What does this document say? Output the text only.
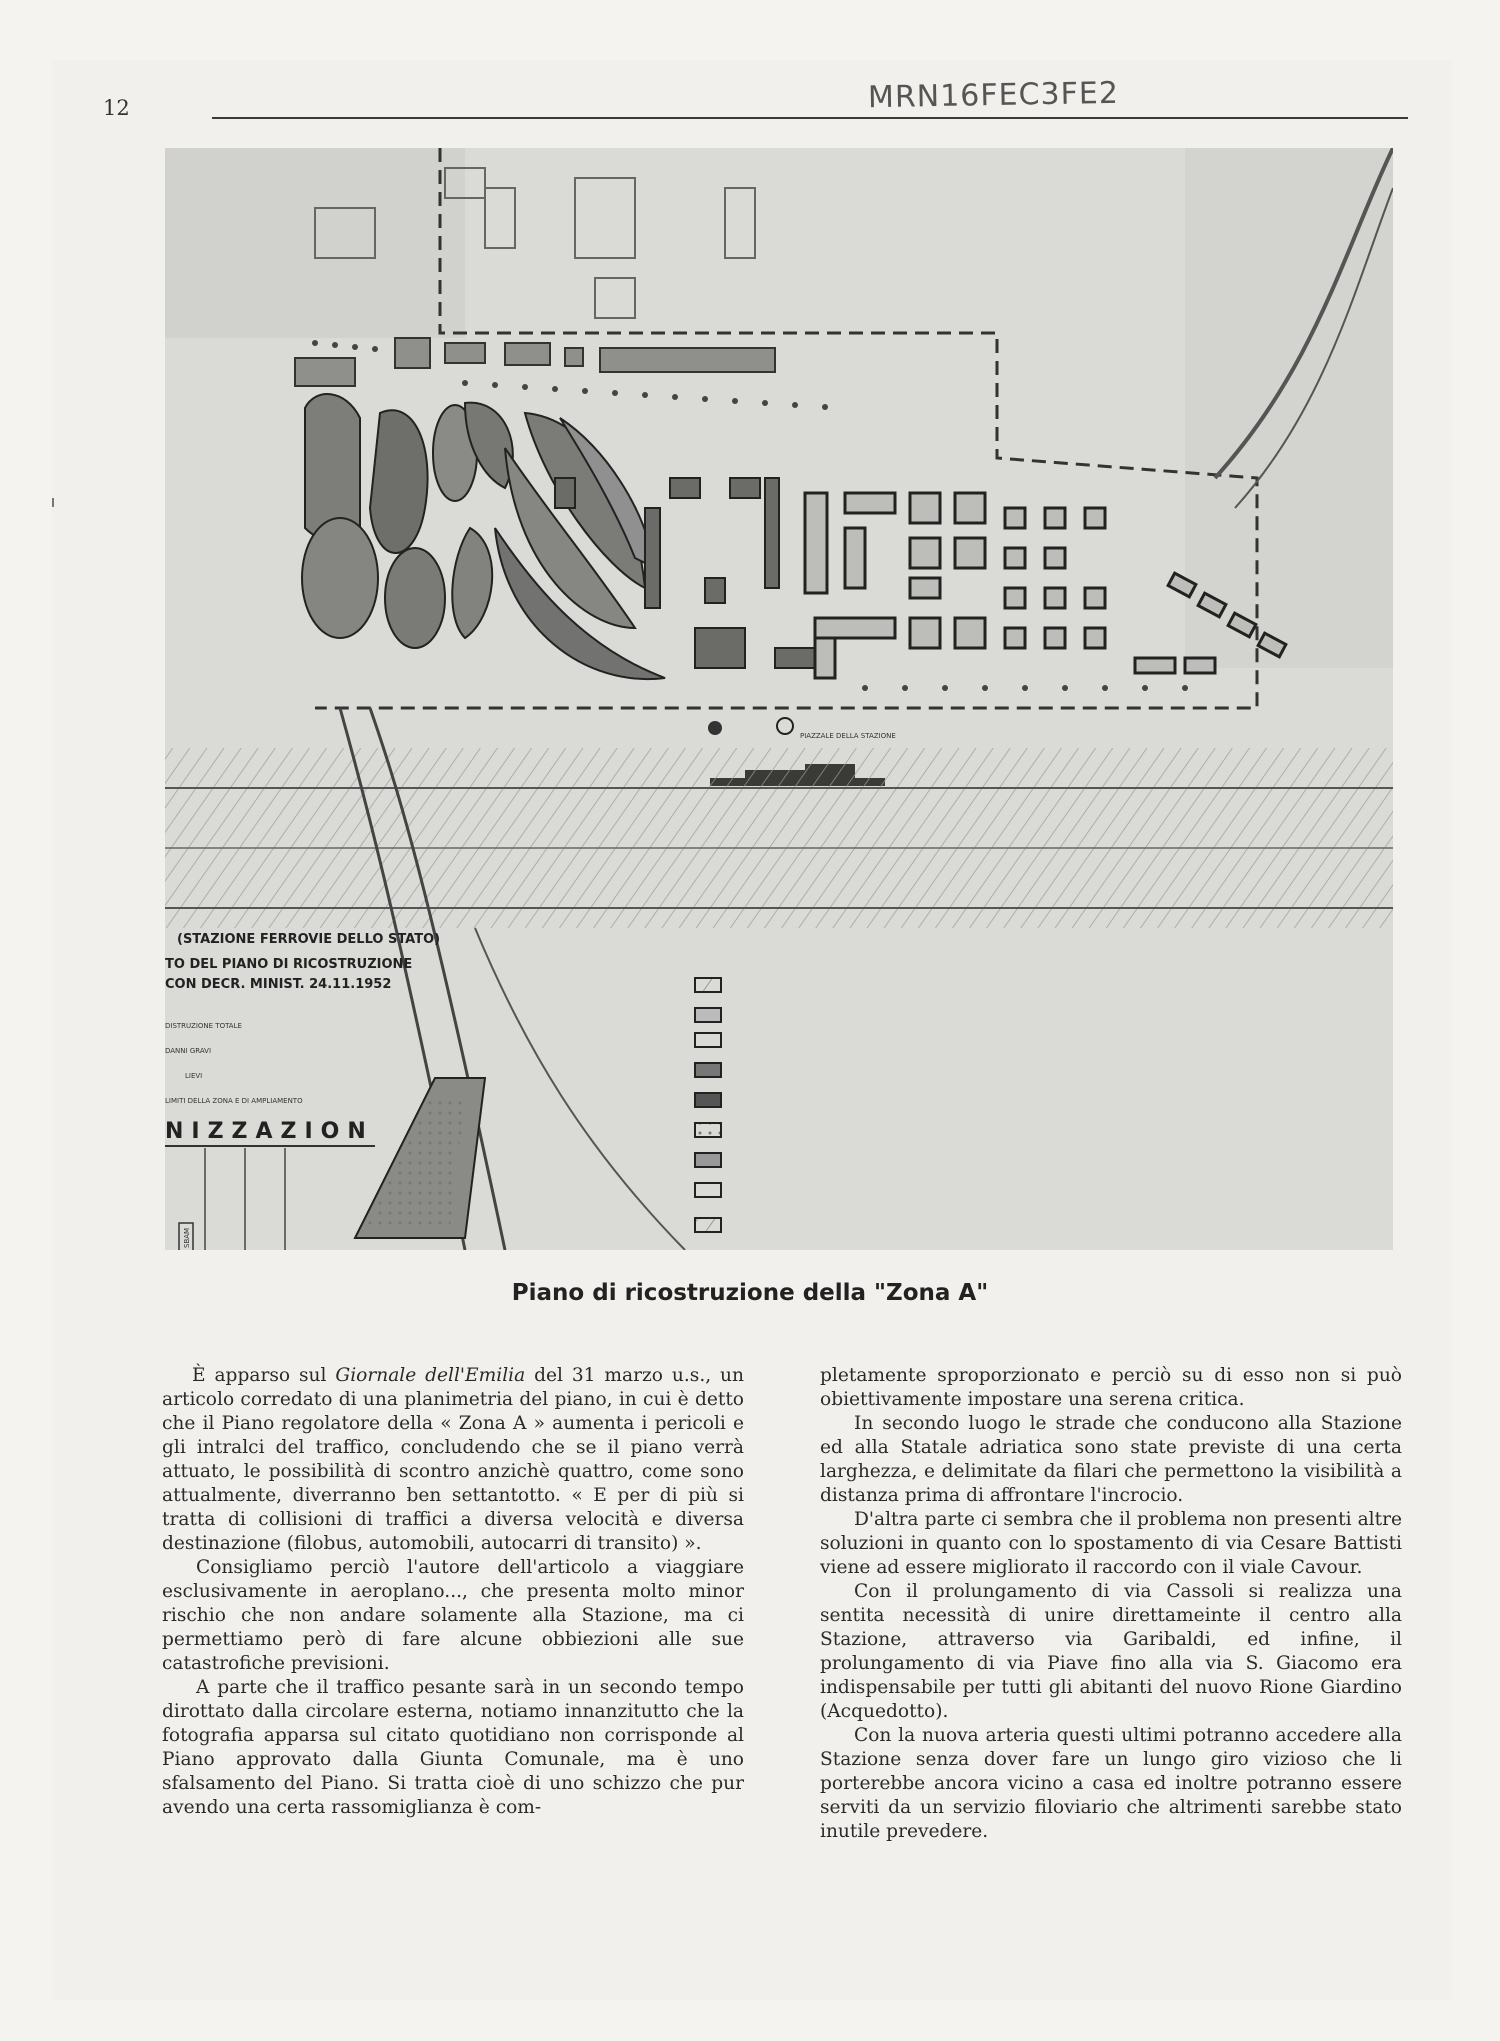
12	MRN16FEC3FE2
PIAZZALE DELLA STAZIONE
(STAZIONE FERROVIE DELLO STATO)
TO DEL PIANO DI RICOSTRUZIONE
CON DECR. MINIST. 24.11.1952
DISTRUZIONE TOTALE
DANNI GRAVI
LIEVI
LIMITI DELLA ZONA E DI AMPLIAMENTO
NIZZAZION
SBAM
Piano di ricostruzione della "Zona A"

È apparso sul Giornale dell'Emilia del 31 marzo u.s., un articolo corredato di una planimetria del piano, in cui è detto che il Piano regolatore della « Zona A » aumenta i pericoli e gli intralci del traffico, concludendo che se il piano verrà attuato, le possibilità di scontro anzichè quattro, come sono attualmente, diverranno ben settantotto. « E per di più si tratta di collisioni di traffici a diversa velocità e diversa destinazione (filobus, automobili, autocarri di transito) ».

Consigliamo perciò l'autore dell'articolo a viaggiare esclusivamente in aeroplano..., che presenta molto minor rischio che non andare solamente alla Stazione, ma ci permettiamo però di fare alcune obbiezioni alle sue catastrofiche previsioni.

A parte che il traffico pesante sarà in un secondo tempo dirottato dalla circolare esterna, notiamo innanzitutto che la fotografia apparsa sul citato quotidiano non corrisponde al Piano approvato dalla Giunta Comunale, ma è uno sfalsamento del Piano. Si tratta cioè di uno schizzo che pur avendo una certa rassomiglianza è com-

pletamente sproporzionato e perciò su di esso non si può obiettivamente impostare una serena critica.

In secondo luogo le strade che conducono alla Stazione ed alla Statale adriatica sono state previste di una certa larghezza, e delimitate da filari che permettono la visibilità a distanza prima di affrontare l'incrocio.

D'altra parte ci sembra che il problema non presenti altre soluzioni in quanto con lo spostamento di via Cesare Battisti viene ad essere migliorato il raccordo con il viale Cavour.

Con il prolungamento di via Cassoli si realizza una sentita necessità di unire direttameinte il centro alla Stazione, attraverso via Garibaldi, ed infine, il prolungamento di via Piave fino alla via S. Giacomo era indispensabile per tutti gli abitanti del nuovo Rione Giardino (Acquedotto).

Con la nuova arteria questi ultimi potranno accedere alla Stazione senza dover fare un lungo giro vizioso che li porterebbe ancora vicino a casa ed inoltre potranno essere serviti da un servizio filoviario che altrimenti sarebbe stato inutile prevedere.
